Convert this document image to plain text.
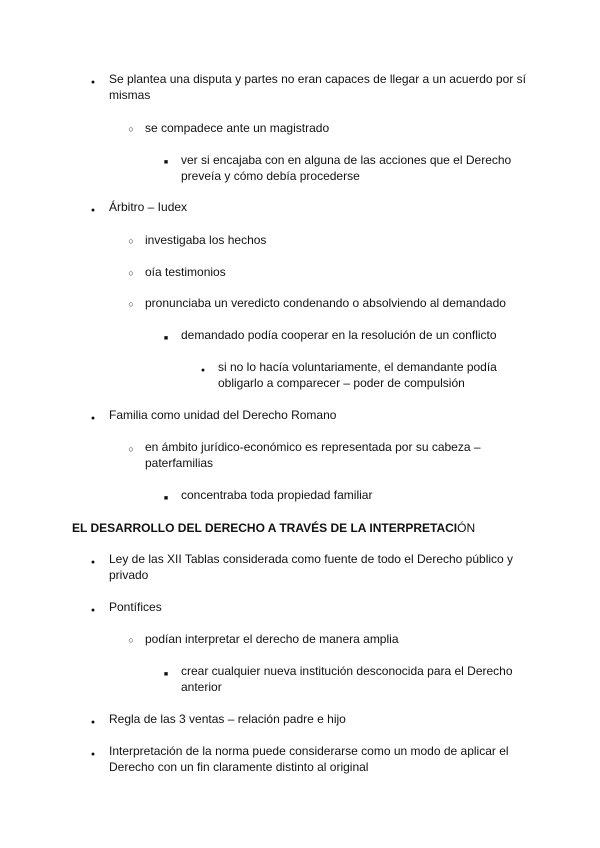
●
Se plantea una disputa y partes no eran capaces de llegar a un acuerdo por sí mismas
○
se compadece ante un magistrado
■
ver si encajaba con en alguna de las acciones que el Derecho preveía y cómo debía procederse
●
Árbitro – Iudex
○
investigaba los hechos
○
oía testimonios
○
pronunciaba un veredicto condenando o absolviendo al demandado
■
demandado podía cooperar en la resolución de un conflicto
●
si no lo hacía voluntariamente, el demandante podía obligarlo a comparecer – poder de compulsión
●
Familia como unidad del Derecho Romano
○
en ámbito jurídico-económico es representada por su cabeza – paterfamilias
■
concentraba toda propiedad familiar
EL DESARROLLO DEL DERECHO A TRAVÉS DE LA INTERPRETACIÓN
●
Ley de las XII Tablas considerada como fuente de todo el Derecho público y privado
●
Pontífices
○
podían interpretar el derecho de manera amplia
■
crear cualquier nueva institución desconocida para el Derecho anterior
●
Regla de las 3 ventas – relación padre e hijo
●
Interpretación de la norma puede considerarse como un modo de aplicar el Derecho con un fin claramente distinto al original
